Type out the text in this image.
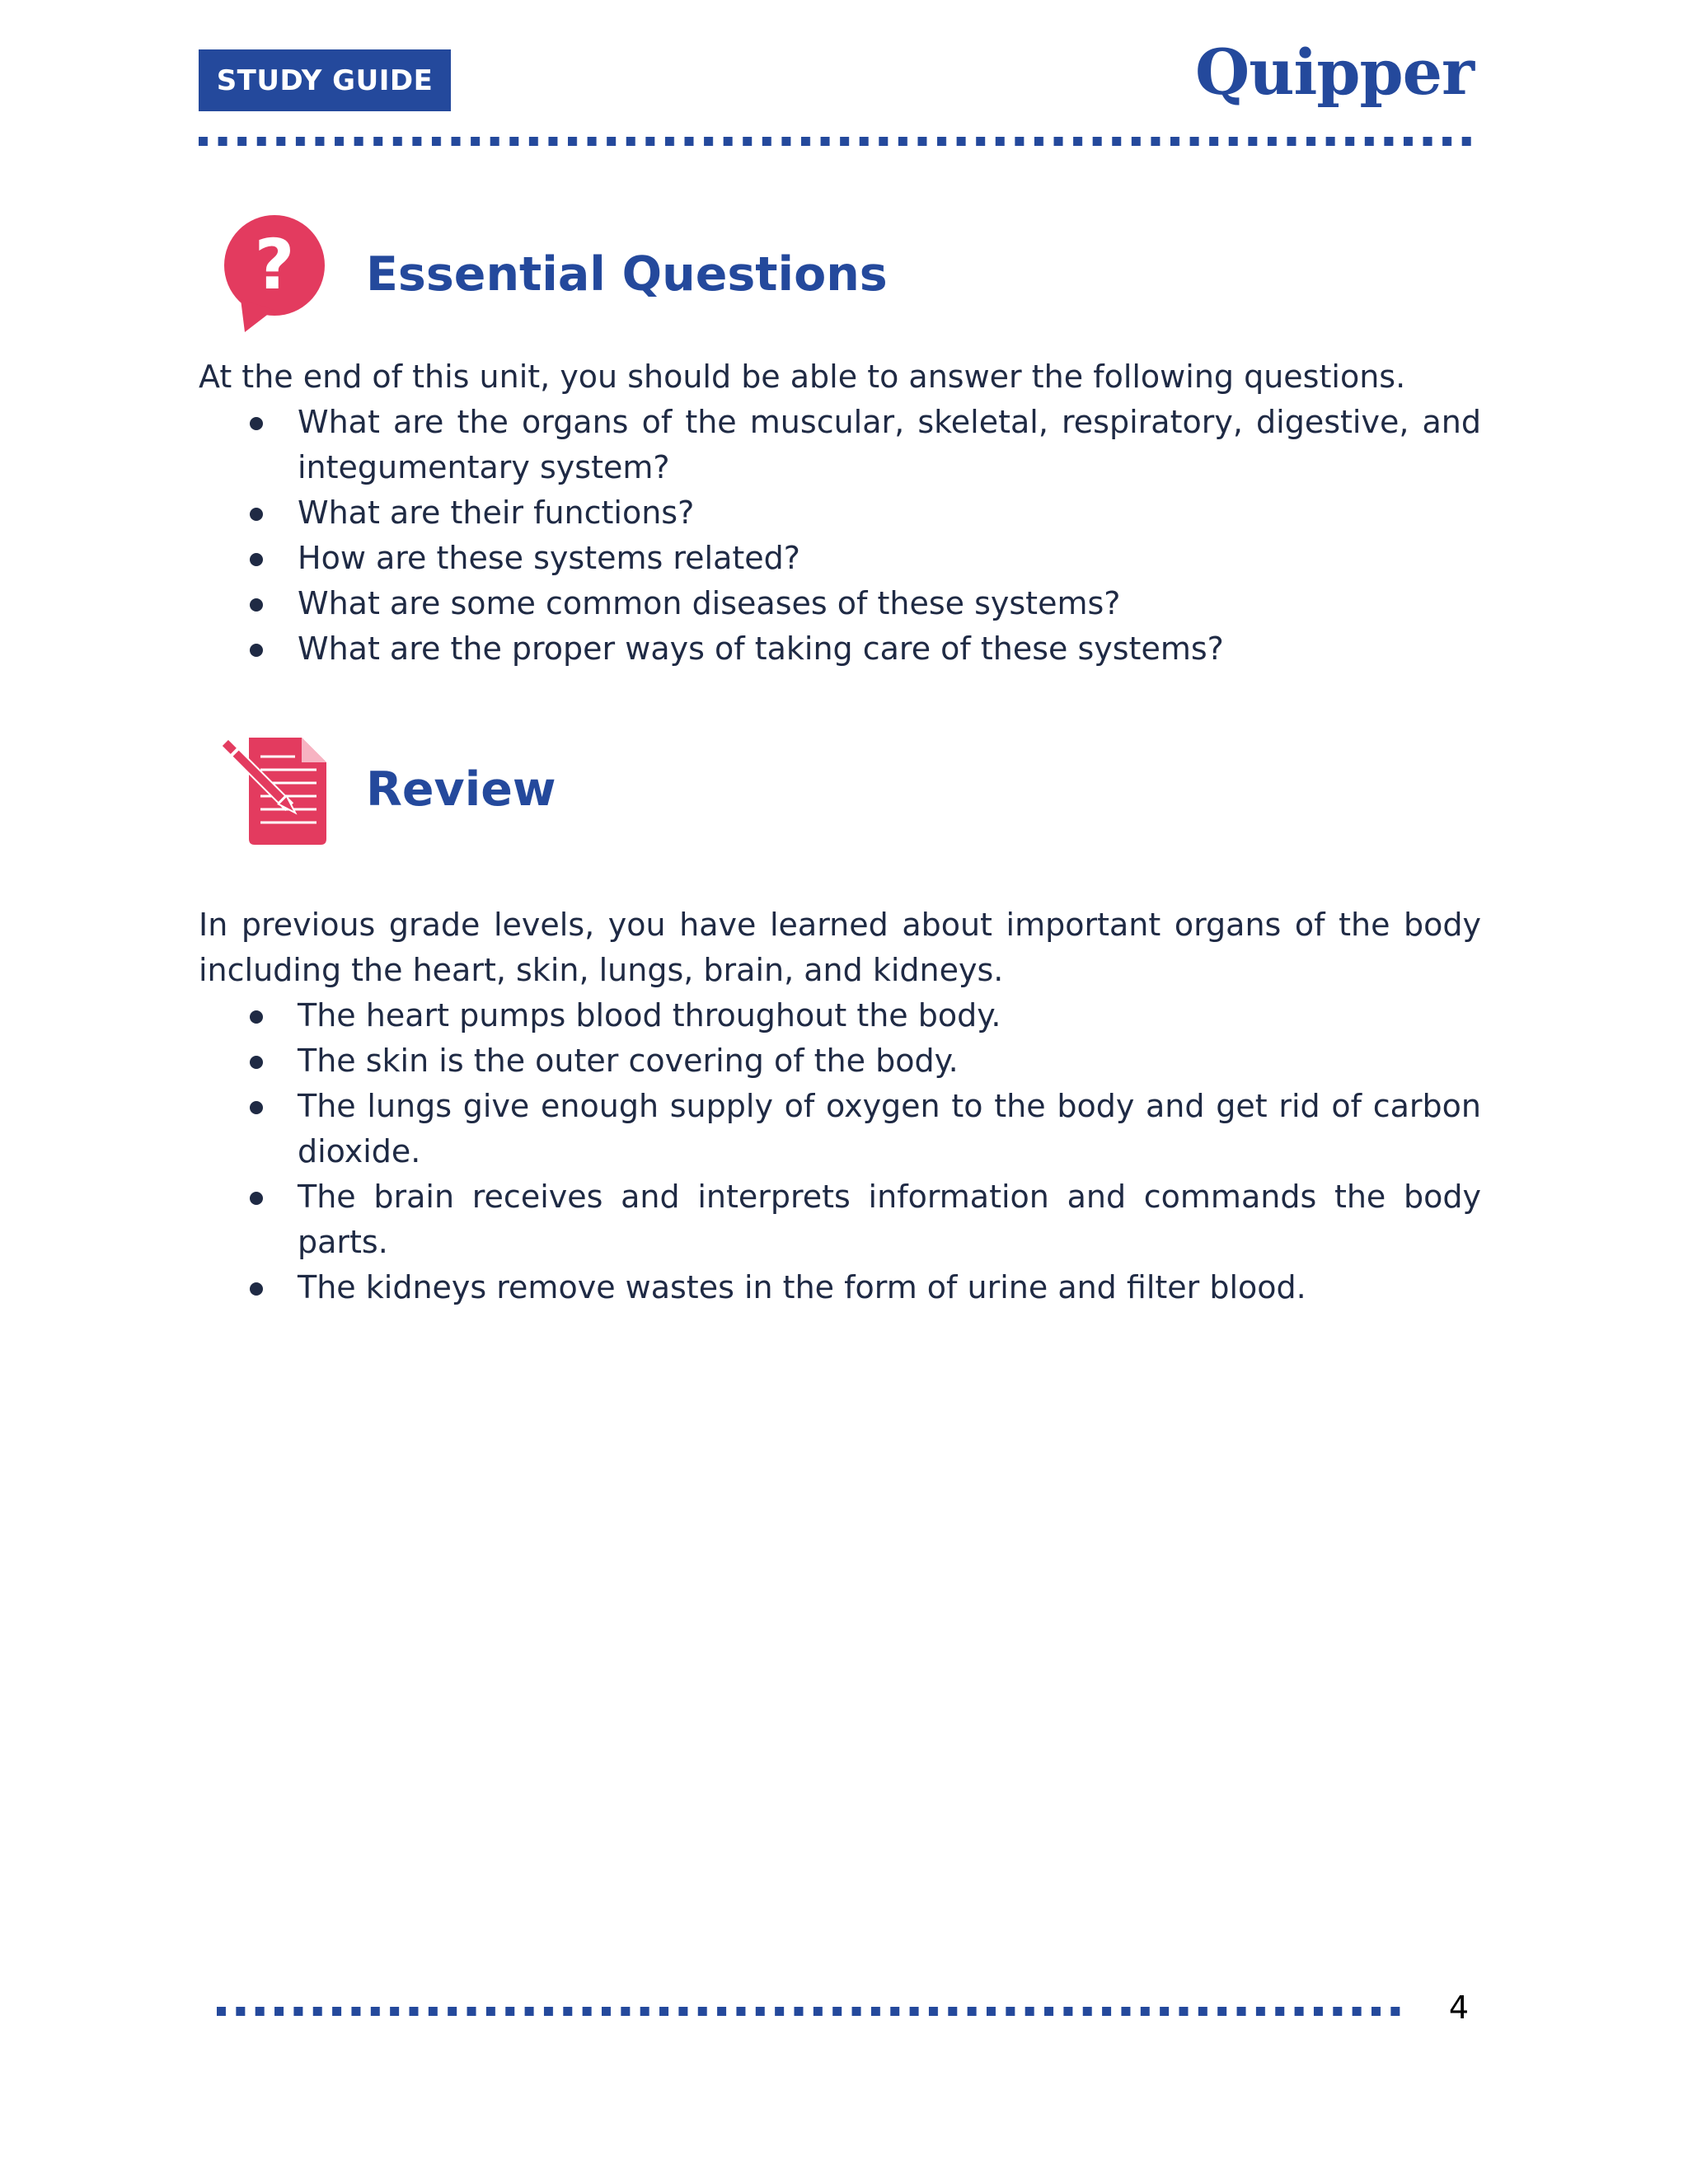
STUDY GUIDE	Quipper
? Essential Questions

At the end of this unit, you should be able to answer the following questions.

What are the organs of the muscular, skeletal, respiratory, digestive, and integumentary system?
What are their functions?
How are these systems related?
What are some common diseases of these systems?
What are the proper ways of taking care of these systems?
Review

In previous grade levels, you have learned about important organs of the body including the heart, skin, lungs, brain, and kidneys.

The heart pumps blood throughout the body.
The skin is the outer covering of the body.
The lungs give enough supply of oxygen to the body and get rid of carbon dioxide.
The brain receives and interprets information and commands the body parts.
The kidneys remove wastes in the form of urine and filter blood.
4
